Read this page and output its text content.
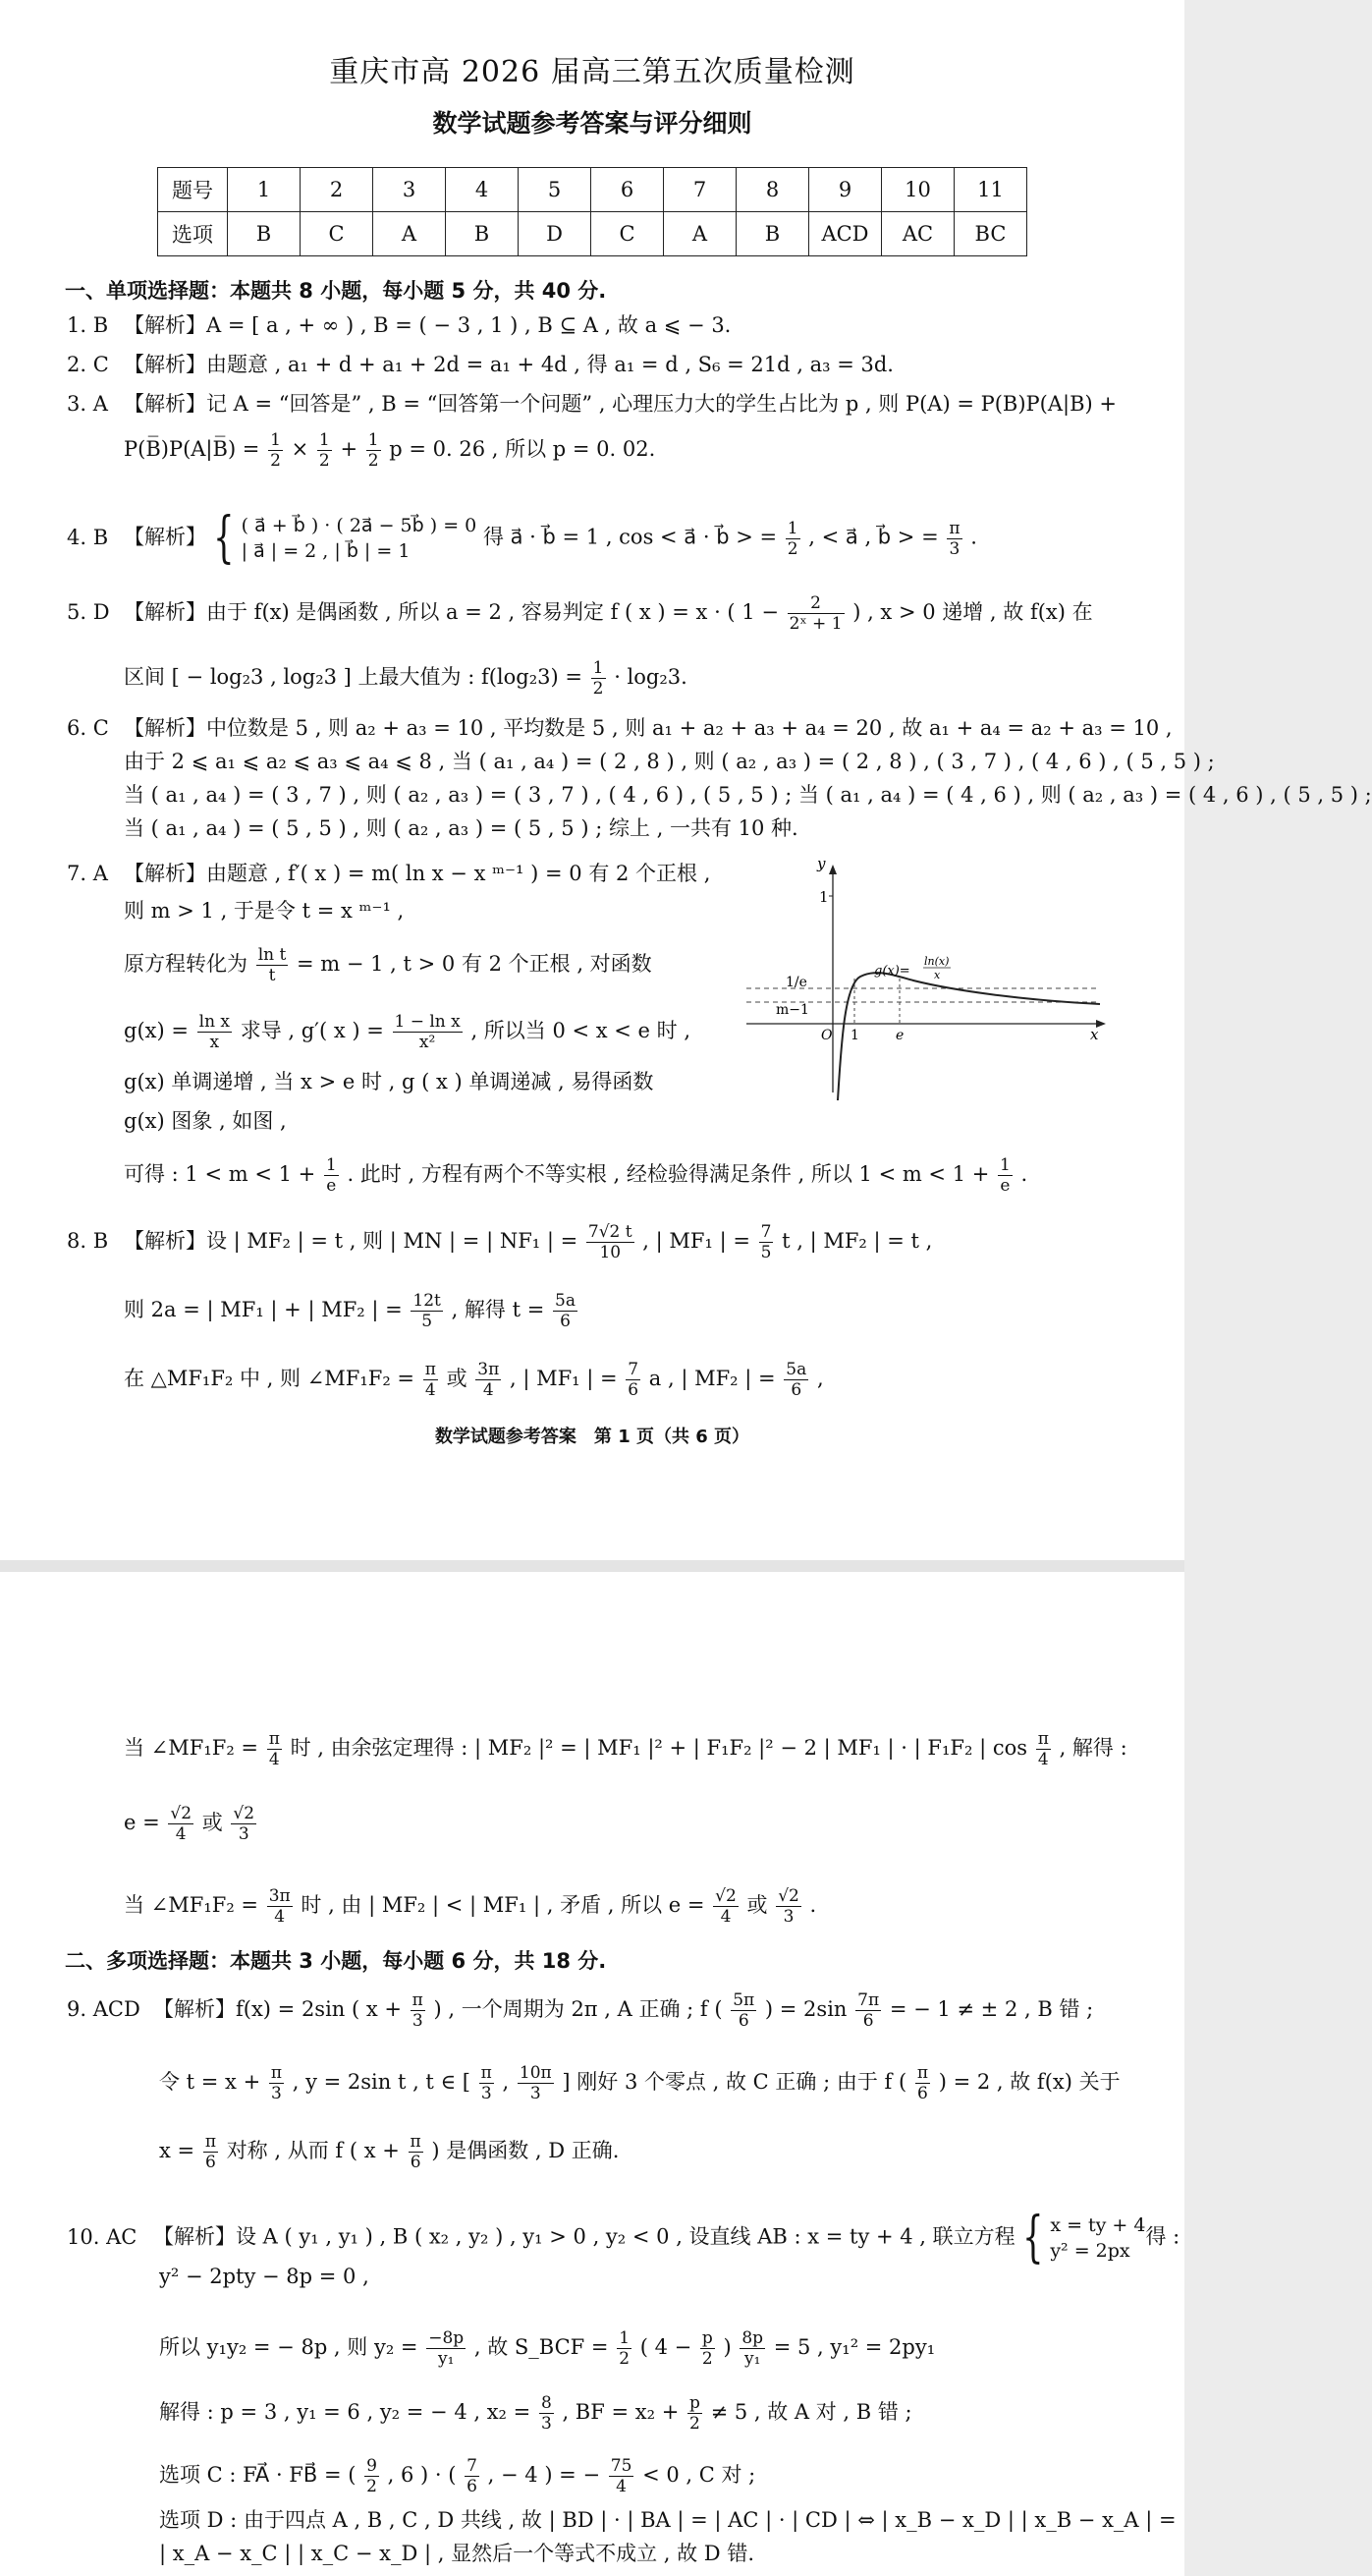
重庆市高 2026 届高三第五次质量检测
数学试题参考答案与评分细则
题号	1	2	3	4	5	6	7	8	9	10	11
选项	B	C	A	B	D	C	A	B	ACD	AC	BC
一、单项选择题：本题共 8 小题，每小题 5 分，共 40 分.
1. B 【解析】A = [ a , + ∞ ) , B = ( − 3 , 1 ) , B ⊆ A , 故 a ⩽ − 3.
2. C 【解析】由题意 , a₁ + d + a₁ + 2d = a₁ + 4d , 得 a₁ = d , S₆ = 21d , a₃ = 3d.
3. A 【解析】记 A = “回答是” , B = “回答第一个问题” , 心理压力大的学生占比为 p , 则 P(A) = P(B)P(A|B) +
P(B̅)P(A|B̅) = $\frac{1}{2} \times \frac{1}{2} + \frac{1}{2}$ p = 0. 26 , 所以 p = 0. 02.
4. B 【解析】 { ( a⃗ + b⃗ ) · ( 2a⃗ − 5b⃗ ) = 0
| a⃗ | = 2 , | b⃗ | = 1
得 a⃗ · b⃗ = 1 , cos < a⃗ · b⃗ > = $\frac{1}{2}$ , < a⃗ , b⃗ > = $\frac{\pi}{3}$ .
5. D 【解析】由于 f(x) 是偶函数 , 所以 a = 2 , 容易判定 f ( x ) = x · ( $1 - \frac{2}{\text{2ˣ + 1}}$ ) , x > 0 递增 , 故 f(x) 在
区间 [ − log₂3 , log₂3 ] 上最大值为 : $f(\log_23) = \frac{1}{2} \cdot \log_23$.
6. C 【解析】中位数是 5 , 则 a₂ + a₃ = 10 , 平均数是 5 , 则 a₁ + a₂ + a₃ + a₄ = 20 , 故 a₁ + a₄ = a₂ + a₃ = 10 ,
由于 2 ⩽ a₁ ⩽ a₂ ⩽ a₃ ⩽ a₄ ⩽ 8 , 当 ( a₁ , a₄ ) = ( 2 , 8 ) , 则 ( a₂ , a₃ ) = ( 2 , 8 ) , ( 3 , 7 ) , ( 4 , 6 ) , ( 5 , 5 ) ;
当 ( a₁ , a₄ ) = ( 3 , 7 ) , 则 ( a₂ , a₃ ) = ( 3 , 7 ) , ( 4 , 6 ) , ( 5 , 5 ) ; 当 ( a₁ , a₄ ) = ( 4 , 6 ) , 则 ( a₂ , a₃ ) = ( 4 , 6 ) , ( 5 , 5 ) ;
当 ( a₁ , a₄ ) = ( 5 , 5 ) , 则 ( a₂ , a₃ ) = ( 5 , 5 ) ; 综上 , 一共有 10 种.
7. A 【解析】由题意 , f′( x ) = m( ln x − x ᵐ⁻¹ ) = 0 有 2 个正根 ,
则 m > 1 , 于是令 t = x ᵐ⁻¹ ,
原方程转化为 $\frac{\text{ln t}}{t} = m - 1$ , t > 0 有 2 个正根 , 对函数
$g(x) = \frac{\text{ln x}}{x}$ 求导 , g′( x ) = $\frac{\text{1 − ln x}}{\text{x²}}$ , 所以当 0 < x < e 时 ,
g(x) 单调递增 , 当 x > e 时 , g ( x ) 单调递减 , 易得函数
g(x) 图象 , 如图 ,
可得 : $1 < m < 1 + \frac{1}{e}$ . 此时 , 方程有两个不等实根 , 经检验得满足条件 , 所以 $1 < m < 1 + \frac{1}{e}$ .
y
1
1/e
m−1
O 1	e	x
g(x)=
ln(x)
x
8. B 【解析】设 | MF₂ | = t , 则 | MN | = | NF₁ | = $\frac{7√2 t}{10}$ , | MF₁ | = $\frac{7}{5}$ t , | MF₂ | = t ,
则 2a = | MF₁ | + | MF₂ | = $\frac{12t}{5}$ , 解得 $t = \frac{5a}{6}$
在 △MF₁F₂ 中 , 则 ∠MF₁F₂ = $\frac{\pi}{4}$ 或 $\frac{3\pi}{4}$ , | MF₁ | = $\frac{7}{6}$ a , | MF₂ | = $\frac{5a}{6}$ ,
数学试题参考答案　第 1 页（共 6 页）
当 ∠MF₁F₂ = $\frac{\pi}{4}$ 时 , 由余弦定理得 : | MF₂ |² = | MF₁ |² + | F₁F₂ |² − 2 | MF₁ | · | F₁F₂ | $\cos \frac{\pi}{4}$ , 解得 :
$e = \frac{√2}{4}$ 或 $\frac{√2}{3}$
当 ∠MF₁F₂ = $\frac{3\pi}{4}$ 时 , 由 | MF₂ | < | MF₁ | , 矛盾 , 所以 $e = \frac{√2}{4}$ 或 $\frac{√2}{3}$ .
二、多项选择题：本题共 3 小题，每小题 6 分，共 18 分.
9. ACD 【解析】f(x) = 2sin ( $x + \frac{\pi}{3}$ ) , 一个周期为 2π , A 正确 ; f ( $\frac{5\pi}{6}$ ) = $2\sin \frac{7\pi}{6}$ = − 1 ≠ ± 2 , B 错 ;
令 $t = x + \frac{\pi}{3}$ , y = 2sin t , t ∈ [ $\frac{\pi}{3}$ , $\frac{10\pi}{3}$ ] 刚好 3 个零点 , 故 C 正确 ; 由于 f ( $\frac{\pi}{6}$ ) = 2 , 故 f(x) 关于
$x = \frac{\pi}{6}$ 对称 , 从而 f ( $x + \frac{\pi}{6}$ ) 是偶函数 , D 正确.
10. AC 【解析】设 A ( y₁ , y₁ ) , B ( x₂ , y₂ ) , y₁ > 0 , y₂ < 0 , 设直线 AB : x = ty + 4 , 联立方程 { x = ty + 4
y² = 2px
得 :
y² − 2pty − 8p = 0 ,
所以 y₁y₂ = − 8p , 则 $y_2 = \frac{-8p}{\text{y₁}}$ , 故 S_BCF = $\frac{1}{2}$ ( $4 - \frac{p}{2}$ ) $\frac{8p}{\text{y₁}} = 5$ , y₁² = 2py₁
解得 : p = 3 , y₁ = 6 , y₂ = − 4 , $x_2 = \frac{8}{3}$ , BF = $x_2 + \frac{p}{2} \ne 5$ , 故 A 对 , B 错 ;
选项 C : FA⃗ · FB⃗ = ( $\frac{9}{2}$ , 6 ) · ( $\frac{7}{6}$ , − 4 ) = − $\frac{75}{4} < 0$ , C 对 ;
选项 D : 由于四点 A , B , C , D 共线 , 故 | BD | · | BA | = | AC | · | CD | ⇔ | x_B − x_D | | x_B − x_A | =
| x_A − x_C | | x_C − x_D | , 显然后一个等式不成立 , 故 D 错.
